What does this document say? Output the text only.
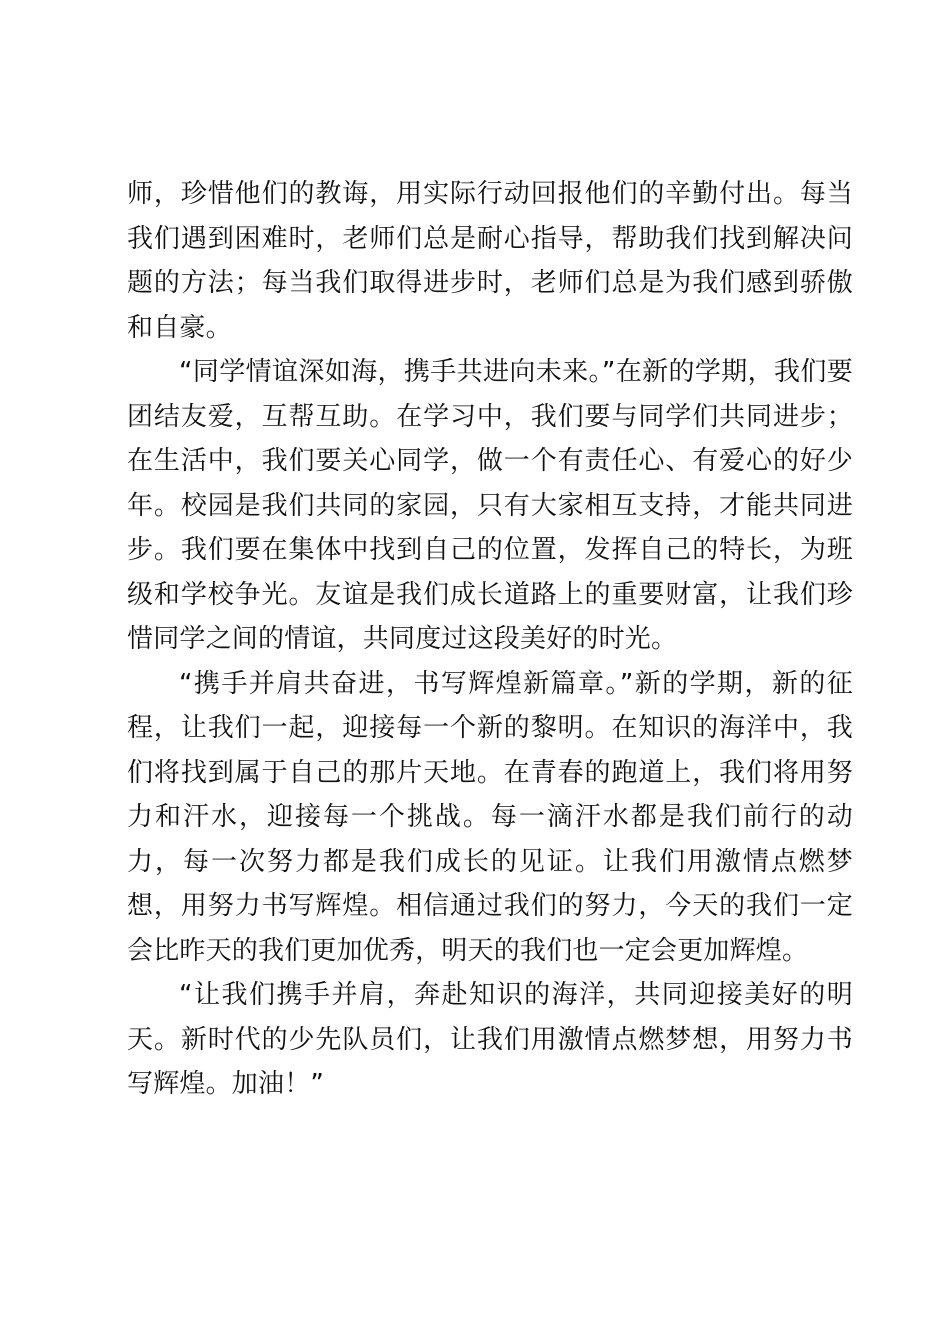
师，珍惜他们的教诲，用实际行动回报他们的辛勤付出。每当我们遇到困难时，老师们总是耐心指导，帮助我们找到解决问题的方法；每当我们取得进步时，老师们总是为我们感到骄傲和自豪。

“同学情谊深如海，携手共进向未来。”在新的学期，我们要团结友爱，互帮互助。在学习中，我们要与同学们共同进步；在生活中，我们要关心同学，做一个有责任心、有爱心的好少年。校园是我们共同的家园，只有大家相互支持，才能共同进步。我们要在集体中找到自己的位置，发挥自己的特长，为班级和学校争光。友谊是我们成长道路上的重要财富，让我们珍惜同学之间的情谊，共同度过这段美好的时光。

“携手并肩共奋进，书写辉煌新篇章。”新的学期，新的征程，让我们一起，迎接每一个新的黎明。在知识的海洋中，我们将找到属于自己的那片天地。在青春的跑道上，我们将用努力和汗水，迎接每一个挑战。每一滴汗水都是我们前行的动力，每一次努力都是我们成长的见证。让我们用激情点燃梦想，用努力书写辉煌。相信通过我们的努力，今天的我们一定会比昨天的我们更加优秀，明天的我们也一定会更加辉煌。

“让我们携手并肩，奔赴知识的海洋，共同迎接美好的明天。新时代的少先队员们，让我们用激情点燃梦想，用努力书写辉煌。加油！”
